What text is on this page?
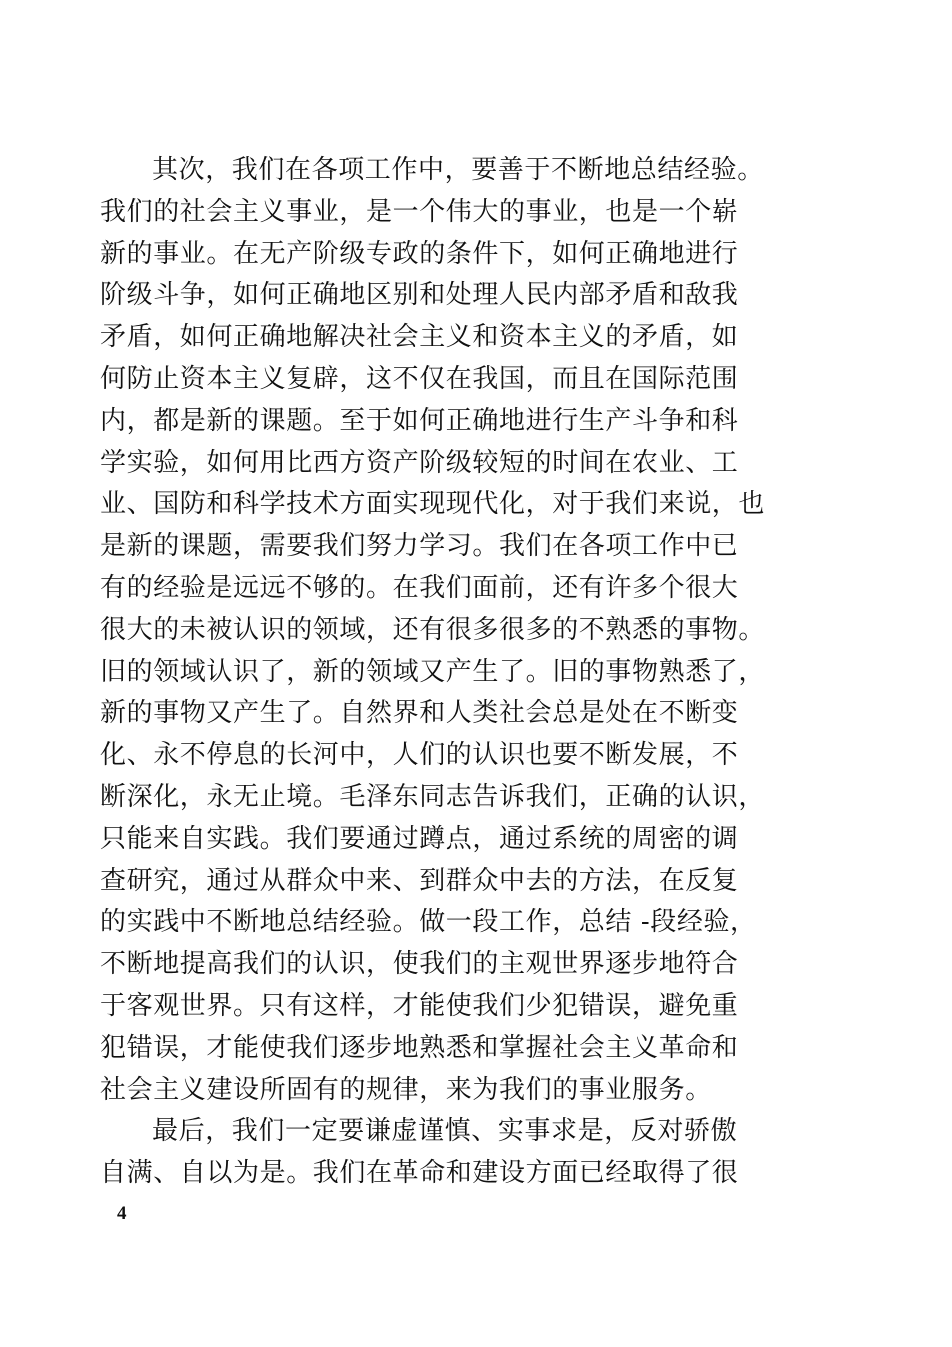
其次，我们在各项工作中，要善于不断地总结经验。
我们的社会主义事业，是一个伟大的事业，也是一个崭
新的事业。在无产阶级专政的条件下，如何正确地进行
阶级斗争，如何正确地区别和处理人民内部矛盾和敌我
矛盾，如何正确地解决社会主义和资本主义的矛盾，如
何防止资本主义复辟，这不仅在我国，而且在国际范围
内，都是新的课题。至于如何正确地进行生产斗争和科
学实验，如何用比西方资产阶级较短的时间在农业、工
业、国防和科学技术方面实现现代化，对于我们来说，也
是新的课题，需要我们努力学习。我们在各项工作中已
有的经验是远远不够的。在我们面前，还有许多个很大
很大的未被认识的领域，还有很多很多的不熟悉的事物。
旧的领域认识了，新的领域又产生了。旧的事物熟悉了，
新的事物又产生了。自然界和人类社会总是处在不断变
化、永不停息的长河中，人们的认识也要不断发展，不
断深化，永无止境。毛泽东同志告诉我们，正确的认识，
只能来自实践。我们要通过蹲点，通过系统的周密的调
查研究，通过从群众中来、到群众中去的方法，在反复
的实践中不断地总结经验。做一段工作，总结 -段经验，
不断地提高我们的认识，使我们的主观世界逐步地符合
于客观世界。只有这样，才能使我们少犯错误，避免重
犯错误，才能使我们逐步地熟悉和掌握社会主义革命和
社会主义建设所固有的规律，来为我们的事业服务。
最后，我们一定要谦虚谨慎、实事求是，反对骄傲
自满、自以为是。我们在革命和建设方面已经取得了很
4
